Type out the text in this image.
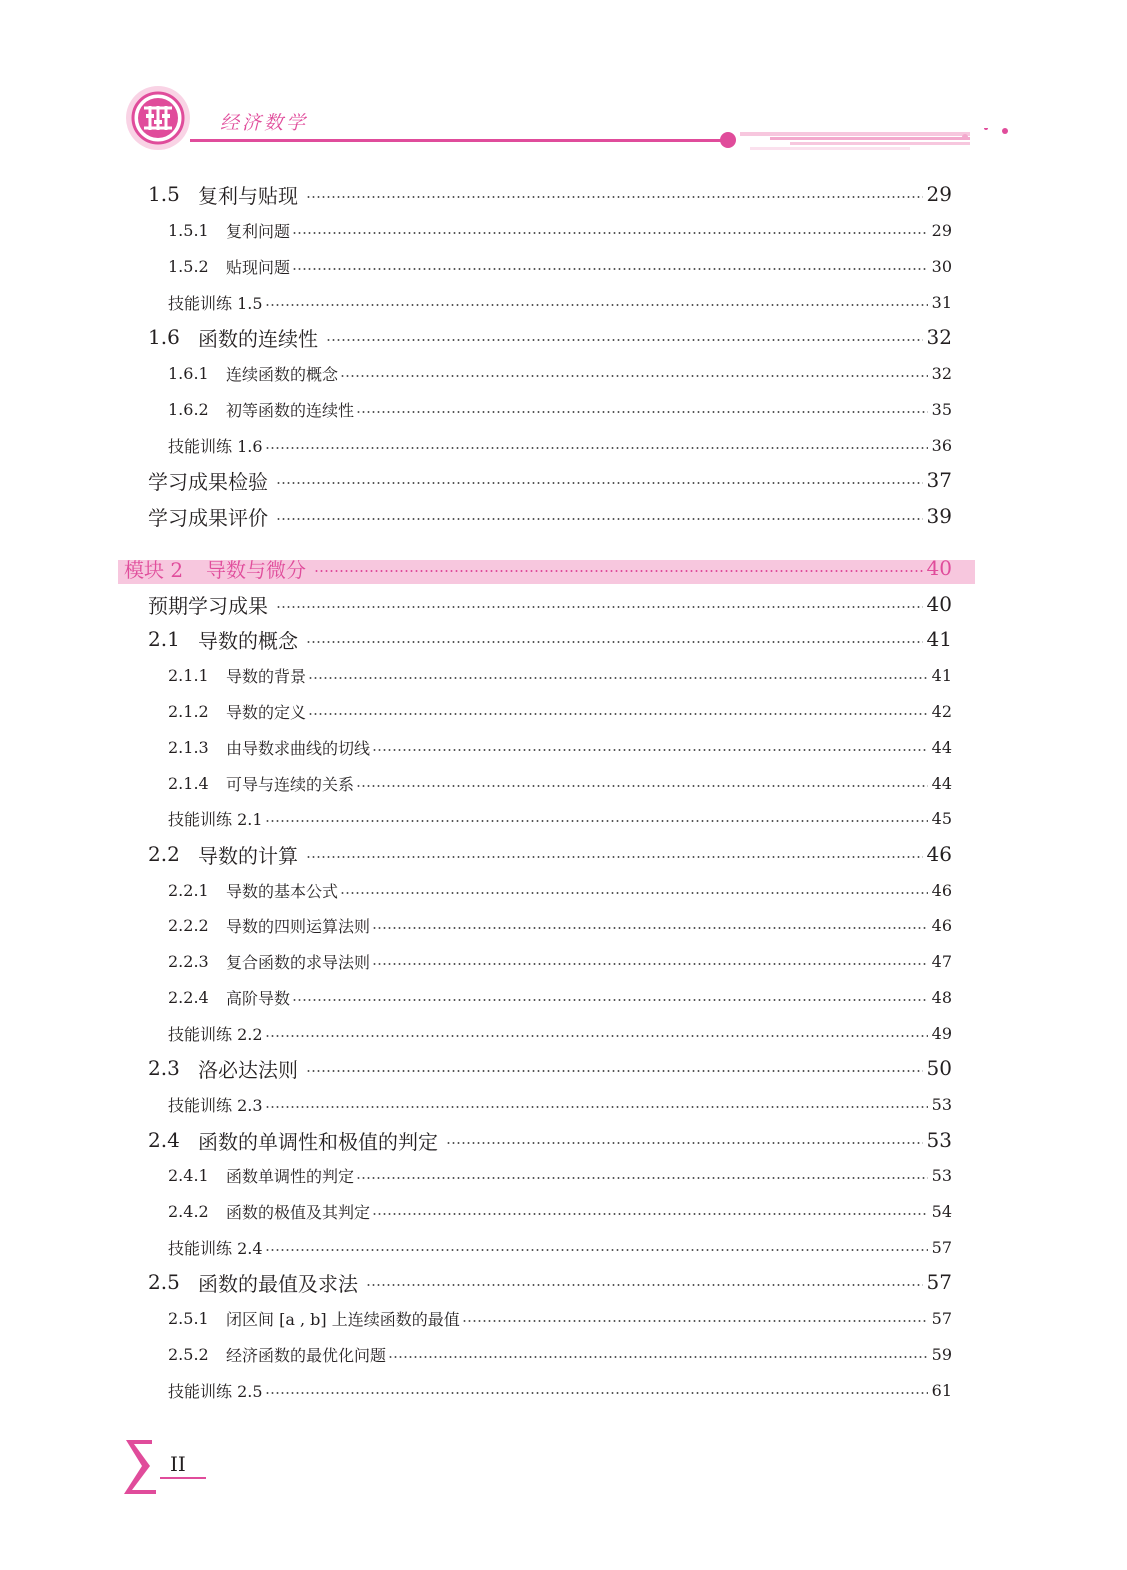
经济数学
1.5 复利与贴现	29
1.5.1	复利问题	29
1.5.2	贴现问题	30
技能训练 1.5	31
1.6 函数的连续性	32
1.6.1	连续函数的概念	32
1.6.2	初等函数的连续性	35
技能训练 1.6	36
学习成果检验	37
学习成果评价	39
模块 2	导数与微分	40
预期学习成果	40
2.1 导数的概念	41
2.1.1	导数的背景	41
2.1.2	导数的定义	42
2.1.3	由导数求曲线的切线	44
2.1.4	可导与连续的关系	44
技能训练 2.1	45
2.2 导数的计算	46
2.2.1	导数的基本公式	46
2.2.2	导数的四则运算法则	46
2.2.3	复合函数的求导法则	47
2.2.4	高阶导数	48
技能训练 2.2	49
2.3 洛必达法则	50
技能训练 2.3	53
2.4 函数的单调性和极值的判定	53
2.4.1	函数单调性的判定	53
2.4.2	函数的极值及其判定	54
技能训练 2.4	57
2.5 函数的最值及求法	57
2.5.1	闭区间 [a , b] 上连续函数的最值	57
2.5.2	经济函数的最优化问题	59
技能训练 2.5	61
II
